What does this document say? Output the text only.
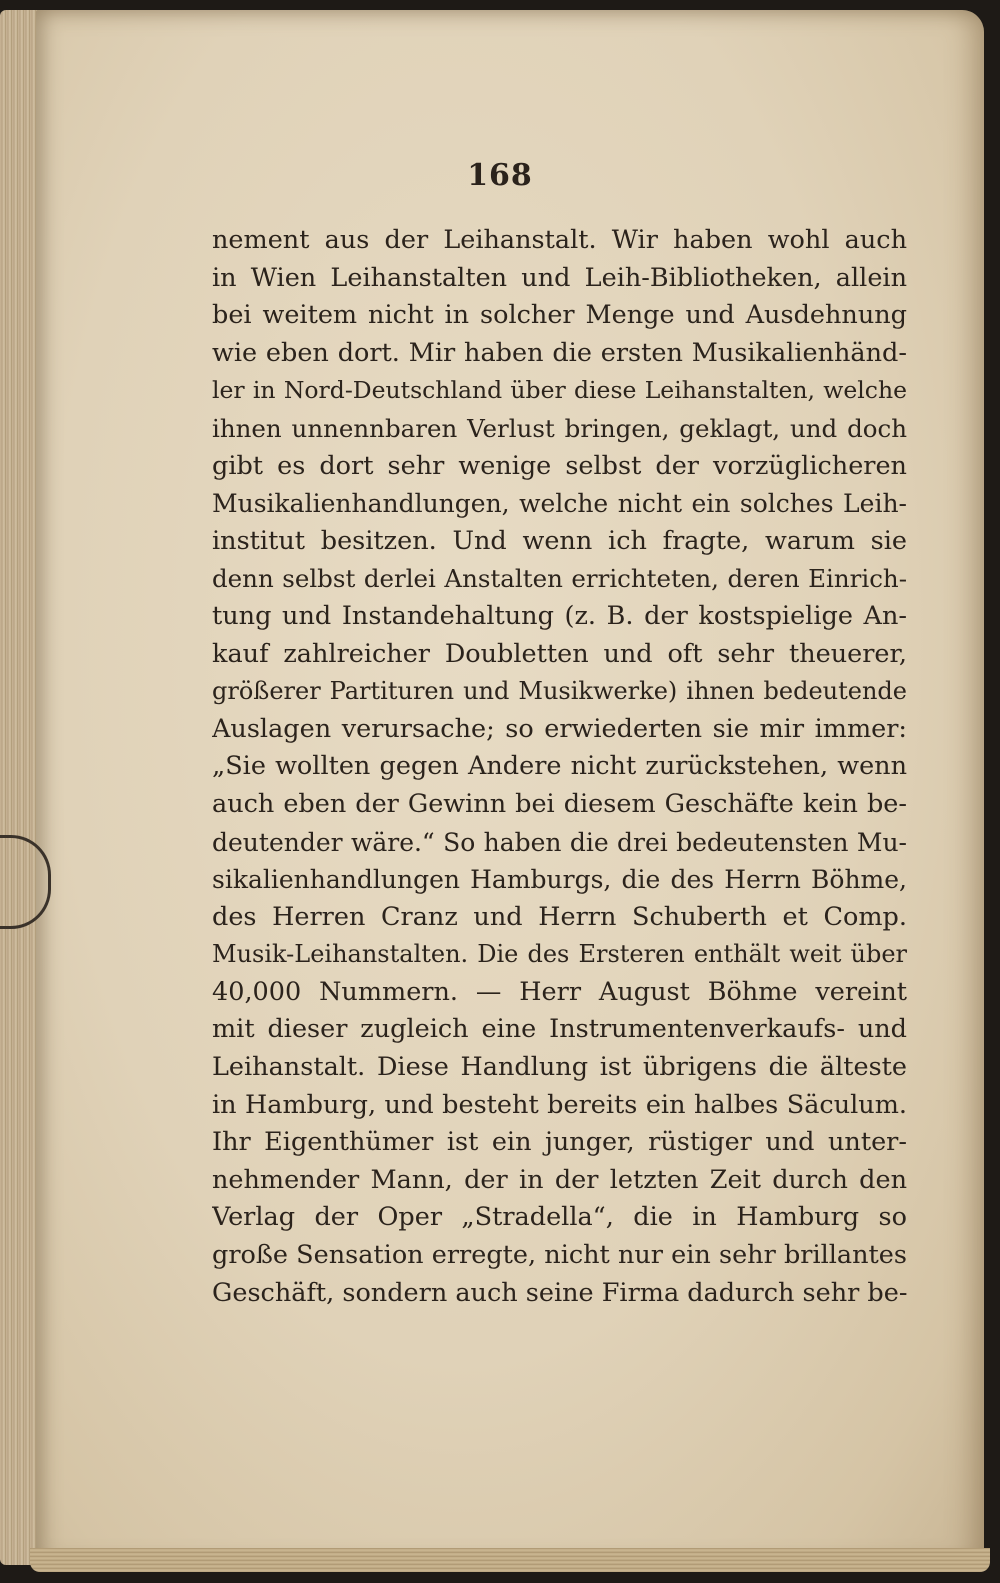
168
nement aus der Leihanstalt. Wir haben wohl auch
in Wien Leihanstalten und Leih-Bibliotheken, allein
bei weitem nicht in solcher Menge und Ausdehnung
wie eben dort. Mir haben die ersten Musikalienhänd-
ler in Nord-Deutschland über diese Leihanstalten, welche
ihnen unnennbaren Verlust bringen, geklagt, und doch
gibt es dort sehr wenige selbst der vorzüglicheren
Musikalienhandlungen, welche nicht ein solches Leih-
institut besitzen. Und wenn ich fragte, warum sie
denn selbst derlei Anstalten errichteten, deren Einrich-
tung und Instandehaltung (z. B. der kostspielige An-
kauf zahlreicher Doubletten und oft sehr theuerer,
größerer Partituren und Musikwerke) ihnen bedeutende
Auslagen verursache; so erwiederten sie mir immer:
„Sie wollten gegen Andere nicht zurückstehen, wenn
auch eben der Gewinn bei diesem Geschäfte kein be-
deutender wäre.“ So haben die drei bedeutensten Mu-
sikalienhandlungen Hamburgs, die des Herrn Böhme,
des Herren Cranz und Herrn Schuberth et Comp.
Musik-Leihanstalten. Die des Ersteren enthält weit über
40,000 Nummern. — Herr August Böhme vereint
mit dieser zugleich eine Instrumentenverkaufs- und
Leihanstalt. Diese Handlung ist übrigens die älteste
in Hamburg, und besteht bereits ein halbes Säculum.
Ihr Eigenthümer ist ein junger, rüstiger und unter-
nehmender Mann, der in der letzten Zeit durch den
Verlag der Oper „Stradella“, die in Hamburg so
große Sensation erregte, nicht nur ein sehr brillantes
Geschäft, sondern auch seine Firma dadurch sehr be-
